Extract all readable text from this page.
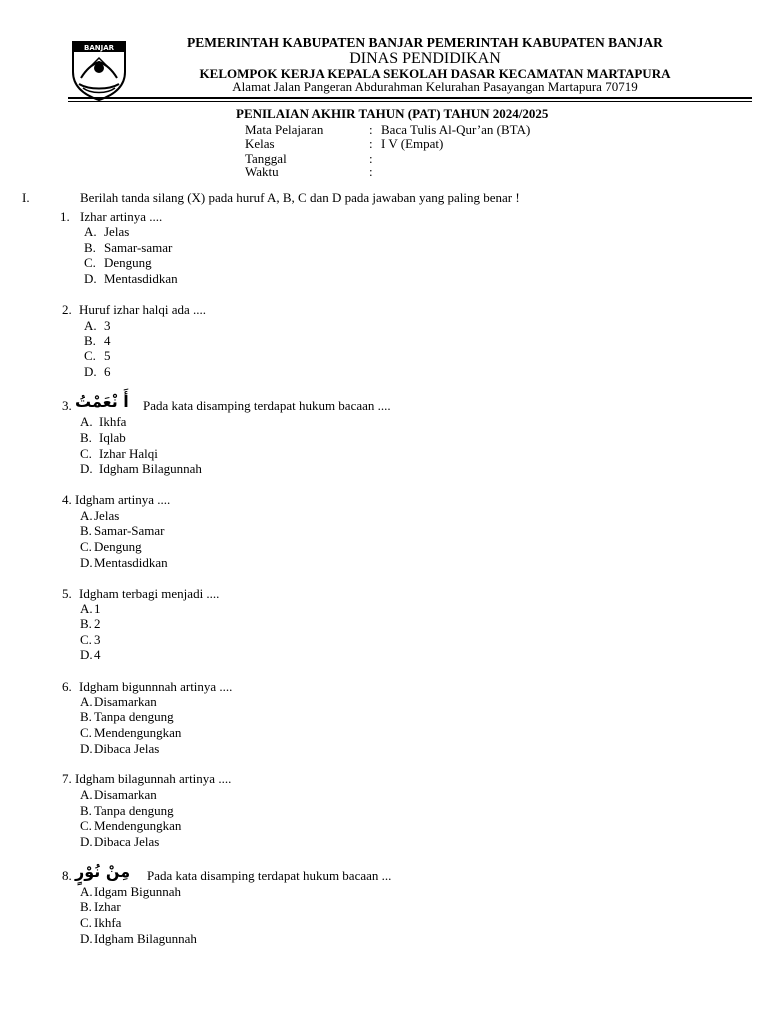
BANJAR	PEMERINTAH KABUPATEN BANJAR PEMERINTAH KABUPATEN BANJAR
DINAS PENDIDIKAN
KELOMPOK KERJA KEPALA SEKOLAH DASAR KECAMATAN MARTAPURA
Alamat Jalan Pangeran Abdurahman Kelurahan Pasayangan Martapura 70719
PENILAIAN AKHIR TAHUN (PAT) TAHUN 2024/2025
Mata Pelajaran	: Baca Tulis Al-Qur’an (BTA)
Kelas	: I V (Empat)
Tanggal	:
Waktu	:
I.	Berilah tanda silang (X) pada huruf A, B, C dan D pada jawaban yang paling benar !
1. Izhar artinya ....
A. Jelas
B. Samar-samar
C. Dengung
D. Mentasdidkan
2. Huruf izhar halqi ada ....
A. 3
B. 4
C. 5
D. 6
3. أَ نْعَمْتُ Pada kata disamping terdapat hukum bacaan ....
A. Ikhfa
B. Iqlab
C. Izhar Halqi
D. Idgham Bilagunnah
4. Idgham artinya ....
A. Jelas
B. Samar-Samar
C. Dengung
D. Mentasdidkan
5. Idgham terbagi menjadi ....
A. 1
B. 2
C. 3
D. 4
6. Idgham bigunnnah artinya ....
A. Disamarkan
B. Tanpa dengung
C. Mendengungkan
D. Dibaca Jelas
7. Idgham bilagunnah artinya ....
A. Disamarkan
B. Tanpa dengung
C. Mendengungkan
D. Dibaca Jelas
8. مِنْ نُوْرٍ Pada kata disamping terdapat hukum bacaan ...
A. Idgam Bigunnah
B. Izhar
C. Ikhfa
D. Idgham Bilagunnah
